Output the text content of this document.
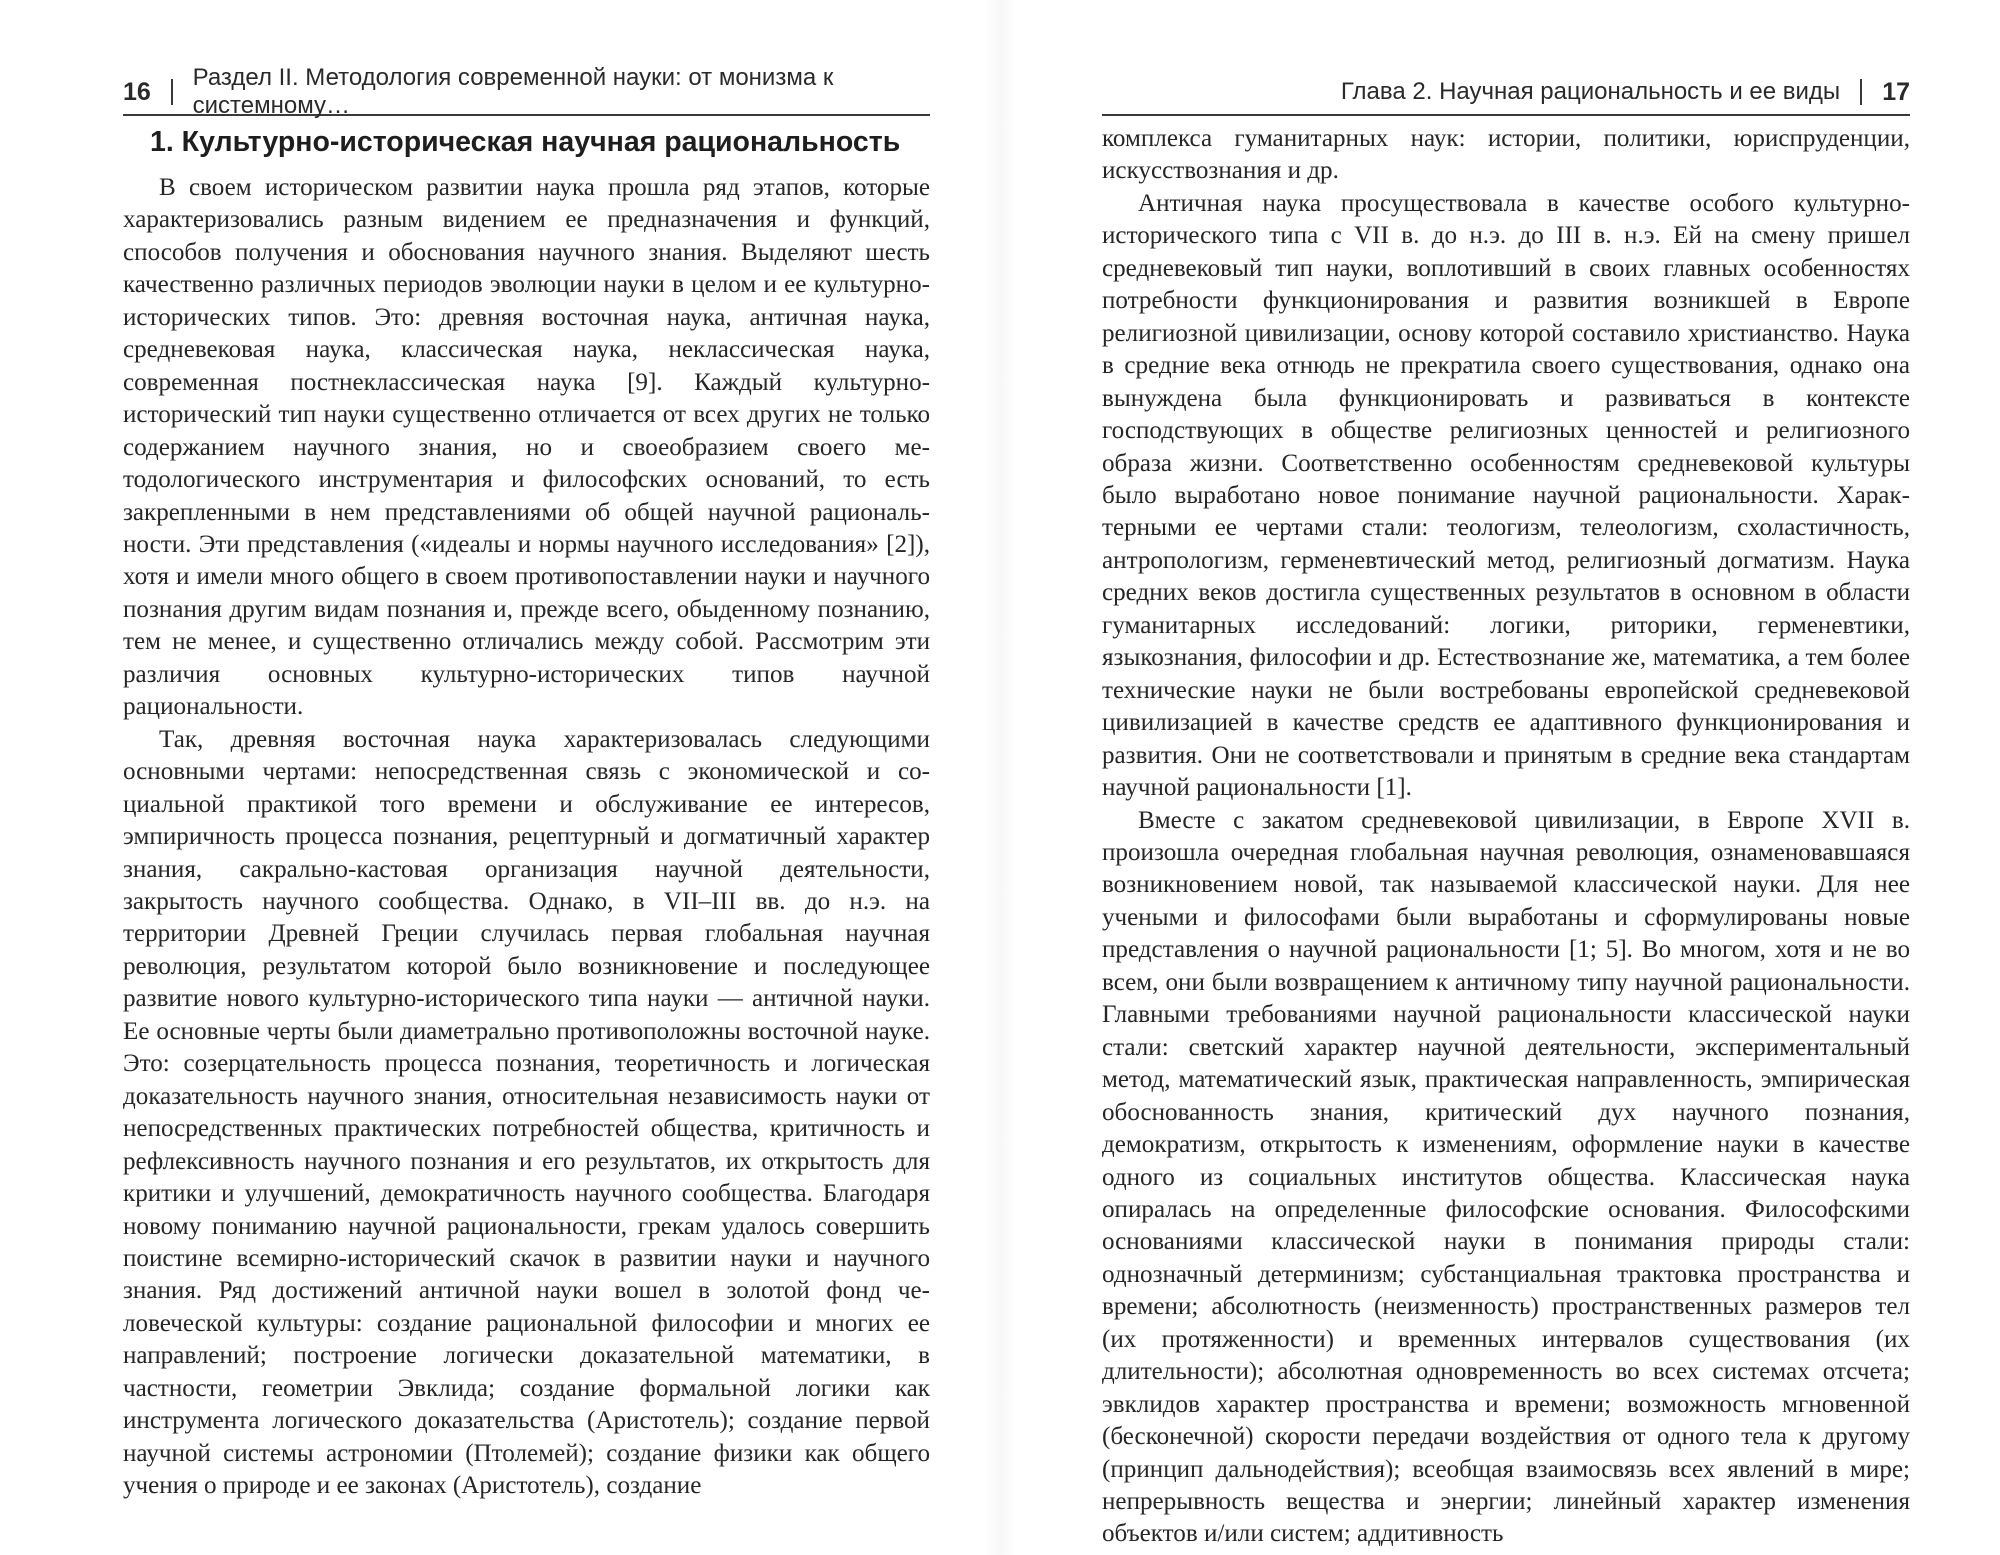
16 Раздел II. Методология современной науки: от монизма к системному…
1. Культурно-историческая научная рациональность

В своем историческом развитии наука прошла ряд этапов, которые характеризовались разным видением ее предназначения и функций, способов получения и обоснования научного знания. Выделяют шесть качественно различных периодов эволюции науки в целом и ее культурно-исторических типов. Это: древняя восточная наука, античная наука, средневековая наука, классическая наука, неклассическая наука, современная постнеклассическая наука [9]. Каждый культурно-исторический тип науки существенно отличается от всех других не только содержанием научного знания, но и своеобразием своего методологического инструментария и философских оснований, то есть закрепленными в нем представлениями об общей научной рациональности. Эти представления («идеалы и нормы научного исследования» [2]), хотя и имели много общего в своем противопоставлении науки и научного познания другим видам познания и, прежде всего, обыденному познанию, тем не менее, и существенно отличались между собой. Рассмотрим эти различия основных культурно-исторических типов научной рациональности.

Так, древняя восточная наука характеризовалась следующими основными чертами: непосредственная связь с экономической и социальной практикой того времени и обслуживание ее интересов, эмпиричность процесса познания, рецептурный и догматичный характер знания, сакрально-кастовая организация научной деятельности, закрытость научного сообщества. Однако, в VII–III вв. до н.э. на территории Древней Греции случилась первая глобальная научная революция, результатом которой было возникновение и последующее развитие нового культурно-исторического типа науки — античной науки. Ее основные черты были диаметрально противоположны восточной науке. Это: созерцательность процесса познания, теоретичность и логическая доказательность научного знания, относительная независимость науки от непосредственных практических потребностей общества, критичность и рефлексивность научного познания и его результатов, их открытость для критики и улучшений, демократичность научного сообщества. Благодаря новому пониманию научной рациональности, грекам удалось совершить поистине всемирно-исторический скачок в развитии науки и научного знания. Ряд достижений античной науки вошел в золотой фонд человеческой культуры: создание рациональной философии и многих ее направлений; построение логически доказательной математики, в частности, геометрии Эвклида; создание формальной логики как инструмента логического доказательства (Аристотель); создание первой научной системы астрономии (Птолемей); создание физики как общего учения о природе и ее законах (Аристотель), создание

Глава 2. Научная рациональность и ее виды 17

комплекса гуманитарных наук: истории, политики, юриспруденции, искусствознания и др.

Античная наука просуществовала в качестве особого культурно-исторического типа с VII в. до н.э. до III в. н.э. Ей на смену пришел средневековый тип науки, воплотивший в своих главных особенностях потребности функционирования и развития возникшей в Европе религиозной цивилизации, основу которой составило христианство. Наука в средние века отнюдь не прекратила своего существования, однако она вынуждена была функционировать и развиваться в контексте господствующих в обществе религиозных ценностей и религиозного образа жизни. Соответственно особенностям средневековой культуры было выработано новое понимание научной рациональности. Характерными ее чертами стали: теологизм, телеологизм, схоластичность, антропологизм, герменевтический метод, религиозный догматизм. Наука средних веков достигла существенных результатов в основном в области гуманитарных исследований: логики, риторики, герменевтики, языкознания, философии и др. Естествознание же, математика, а тем более технические науки не были востребованы европейской средневековой цивилизацией в качестве средств ее адаптивного функционирования и развития. Они не соответствовали и принятым в средние века стандартам научной рациональности [1].

Вместе с закатом средневековой цивилизации, в Европе XVII в. произошла очередная глобальная научная революция, ознаменовавшаяся возникновением новой, так называемой классической науки. Для нее учеными и философами были выработаны и сформулированы новые представления о научной рациональности [1; 5]. Во многом, хотя и не во всем, они были возвращением к античному типу научной рациональности. Главными требованиями научной рациональности классической науки стали: светский характер научной деятельности, экспериментальный метод, математический язык, практическая направленность, эмпирическая обоснованность знания, критический дух научного познания, демократизм, открытость к изменениям, оформление науки в качестве одного из социальных институтов общества. Классическая наука опиралась на определенные философские основания. Философскими основаниями классической науки в понимания природы стали: однозначный детерминизм; субстанциальная трактовка пространства и времени; абсолютность (неизменность) пространственных размеров тел (их протяженности) и временных интервалов существования (их длительности); абсолютная одновременность во всех системах отсчета; эвклидов характер пространства и времени; возможность мгновенной (бесконечной) скорости передачи воздействия от одного тела к другому (принцип дальнодействия); всеобщая взаимосвязь всех явлений в мире; непрерывность вещества и энергии; линейный характер изменения объектов и/или систем; аддитивность
